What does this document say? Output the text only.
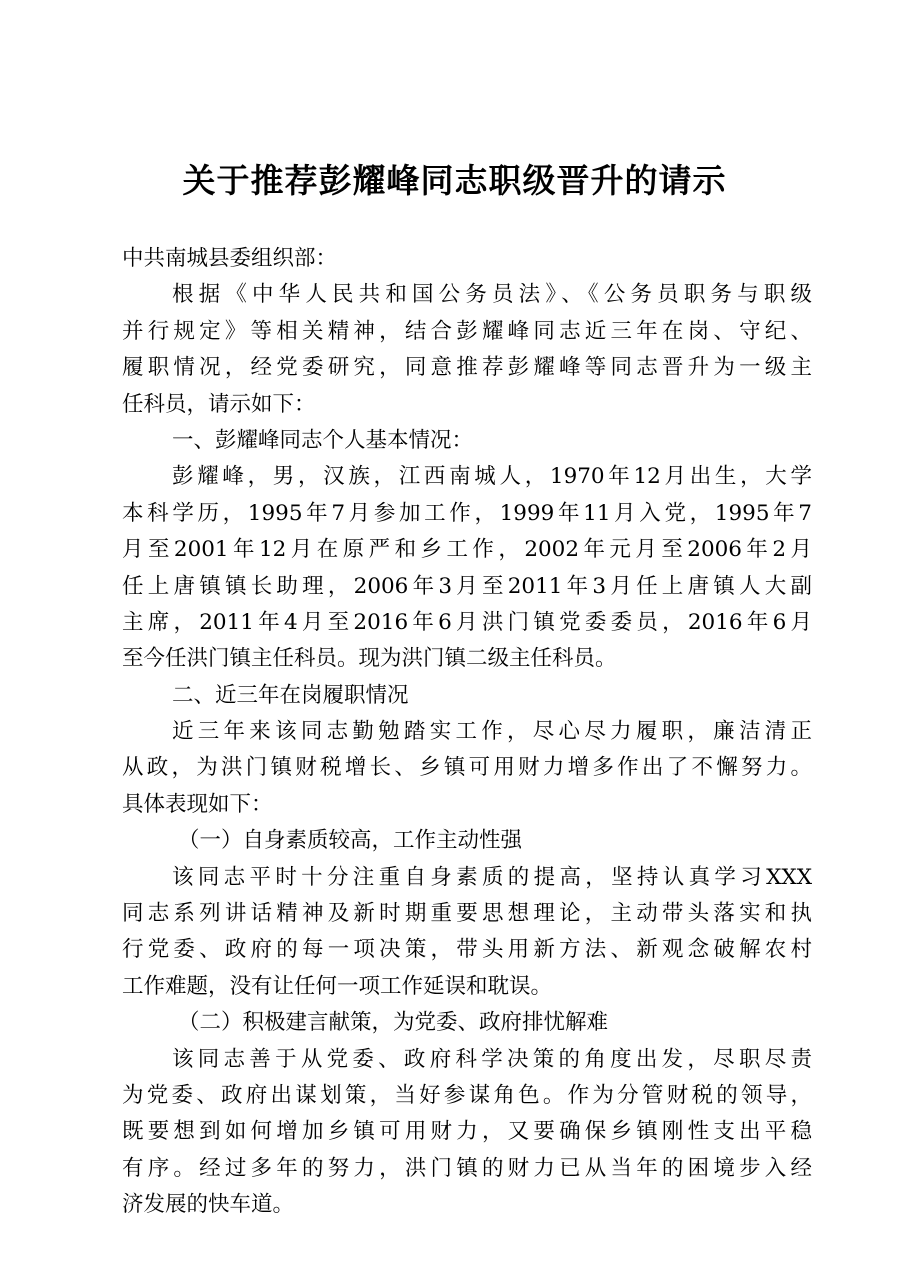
关于推荐彭耀峰同志职级晋升的请示
中共南城县委组织部：
根据《中华人民共和国公务员法》、《公务员职务与职级
并行规定》等相关精神，结合彭耀峰同志近三年在岗、守纪、
履职情况，经党委研究，同意推荐彭耀峰等同志晋升为一级主
任科员，请示如下：
一、彭耀峰同志个人基本情况：
彭耀峰，男，汉族，江西南城人，1970年12月出生，大学
本科学历，1995年7月参加工作，1999年11月入党，1995年7
月至2001年12月在原严和乡工作，2002年元月至2006年2月
任上唐镇镇长助理，2006年3月至2011年3月任上唐镇人大副
主席，2011年4月至2016年6月洪门镇党委委员，2016年6月
至今任洪门镇主任科员。现为洪门镇二级主任科员。
二、近三年在岗履职情况
近三年来该同志勤勉踏实工作，尽心尽力履职，廉洁清正
从政，为洪门镇财税增长、乡镇可用财力增多作出了不懈努力。
具体表现如下：
（一）自身素质较高，工作主动性强
该同志平时十分注重自身素质的提高，坚持认真学习XXX
同志系列讲话精神及新时期重要思想理论，主动带头落实和执
行党委、政府的每一项决策，带头用新方法、新观念破解农村
工作难题，没有让任何一项工作延误和耽误。
（二）积极建言献策，为党委、政府排忧解难
该同志善于从党委、政府科学决策的角度出发，尽职尽责
为党委、政府出谋划策，当好参谋角色。作为分管财税的领导，
既要想到如何增加乡镇可用财力，又要确保乡镇刚性支出平稳
有序。经过多年的努力，洪门镇的财力已从当年的困境步入经
济发展的快车道。
